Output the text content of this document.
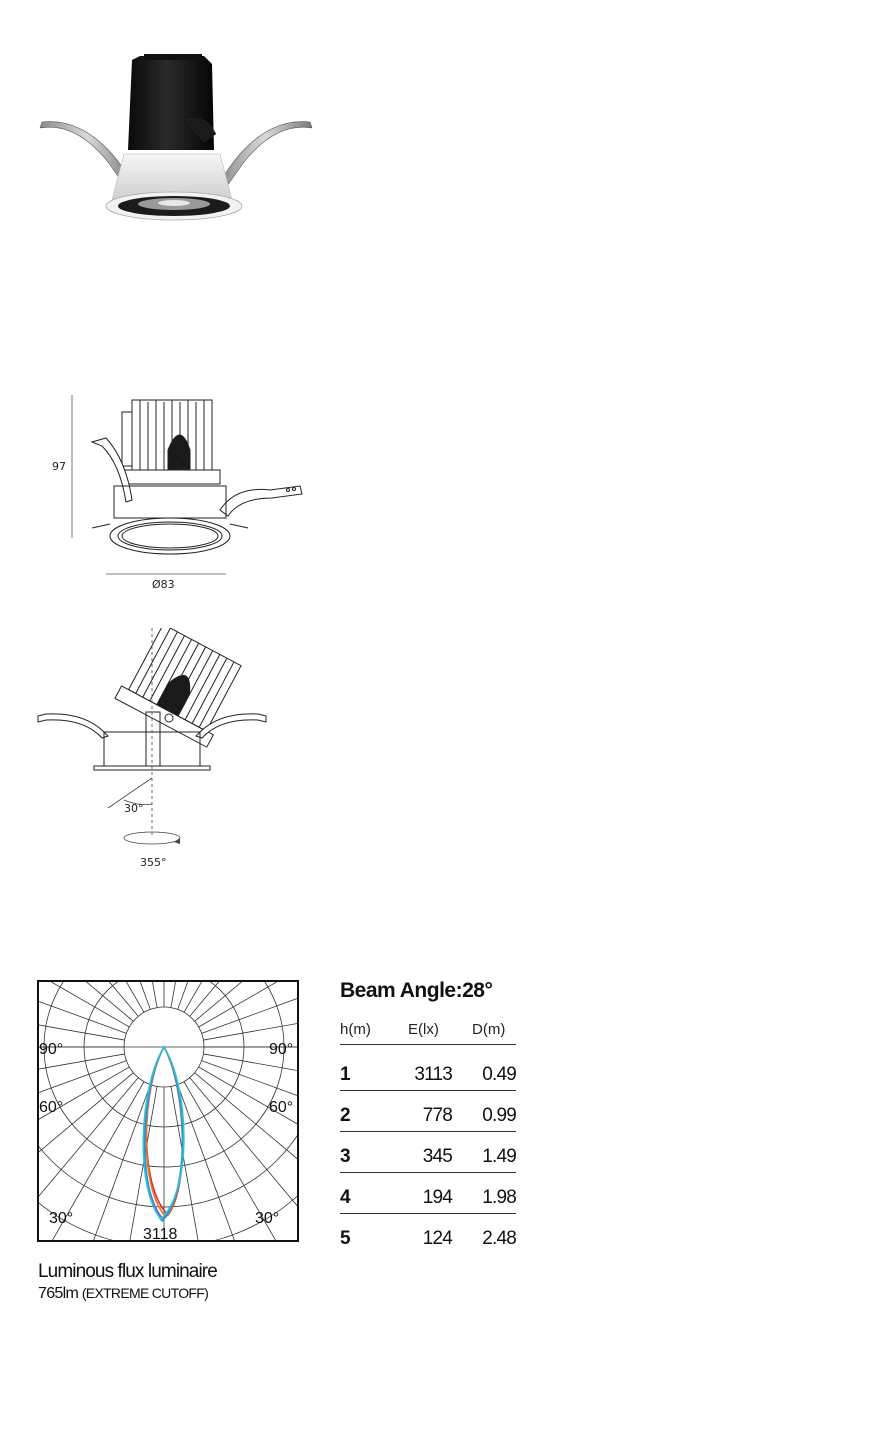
97
Ø83
30°
355°
90°	90°
60°	60°
30°	30°
3118
Beam Angle:28°
h(m) E(lx) D(m)
1	3113 0.49
2	778 0.99
3	345 1.49
4	194 1.98
5	124 2.48
Luminous flux luminaire
765lm (EXTREME CUTOFF)
